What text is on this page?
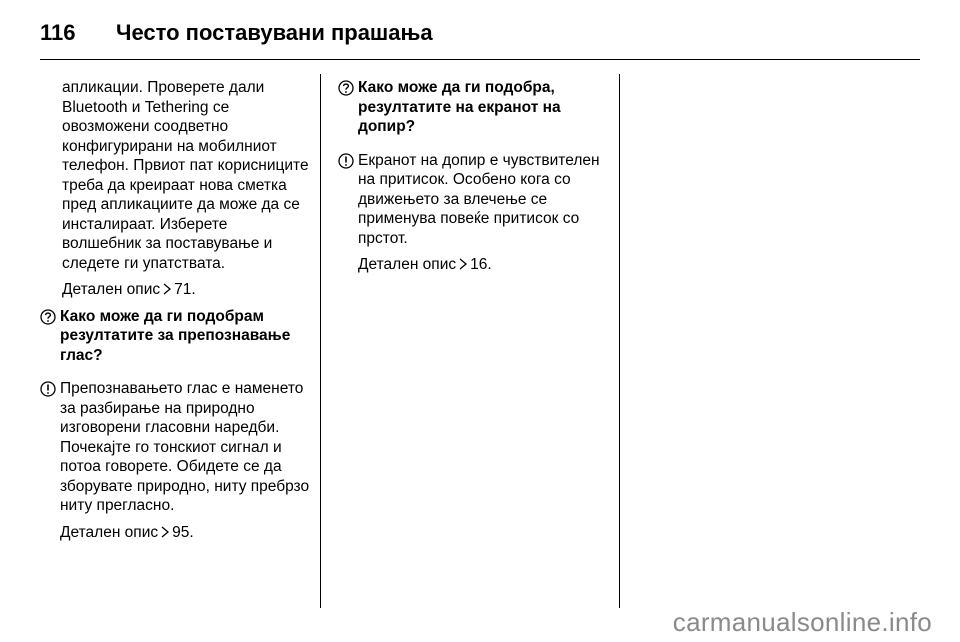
116	Често поставувани прашања

апликации. Проверете дали Bluetooth и Tethering се овозможени соодветно конфигурирани на мобилниот телефон. Првиот пат корисниците треба да креираат нова сметка пред апликациите да може да се инсталираат. Изберете волшебник за поставување и следете ги упатствата.

Детален опис 71.

Како може да ги подобрам резултатите за препознавање глас?

Препознавањето глас е наменето за разбирање на природно изговорени гласовни наредби. Почекајте го тонскиот сигнал и потоа говорете. Обидете се да зборувате природно, ниту пребрзо ниту прегласно.

Детален опис 95.

Како може да ги подобра, резултатите на екранот на допир?

Екранот на допир е чувствителен на притисок. Особено кога со движењето за влечење се применува повеќе притисок со прстот.

Детален опис 16.

carmanualsonline.info
